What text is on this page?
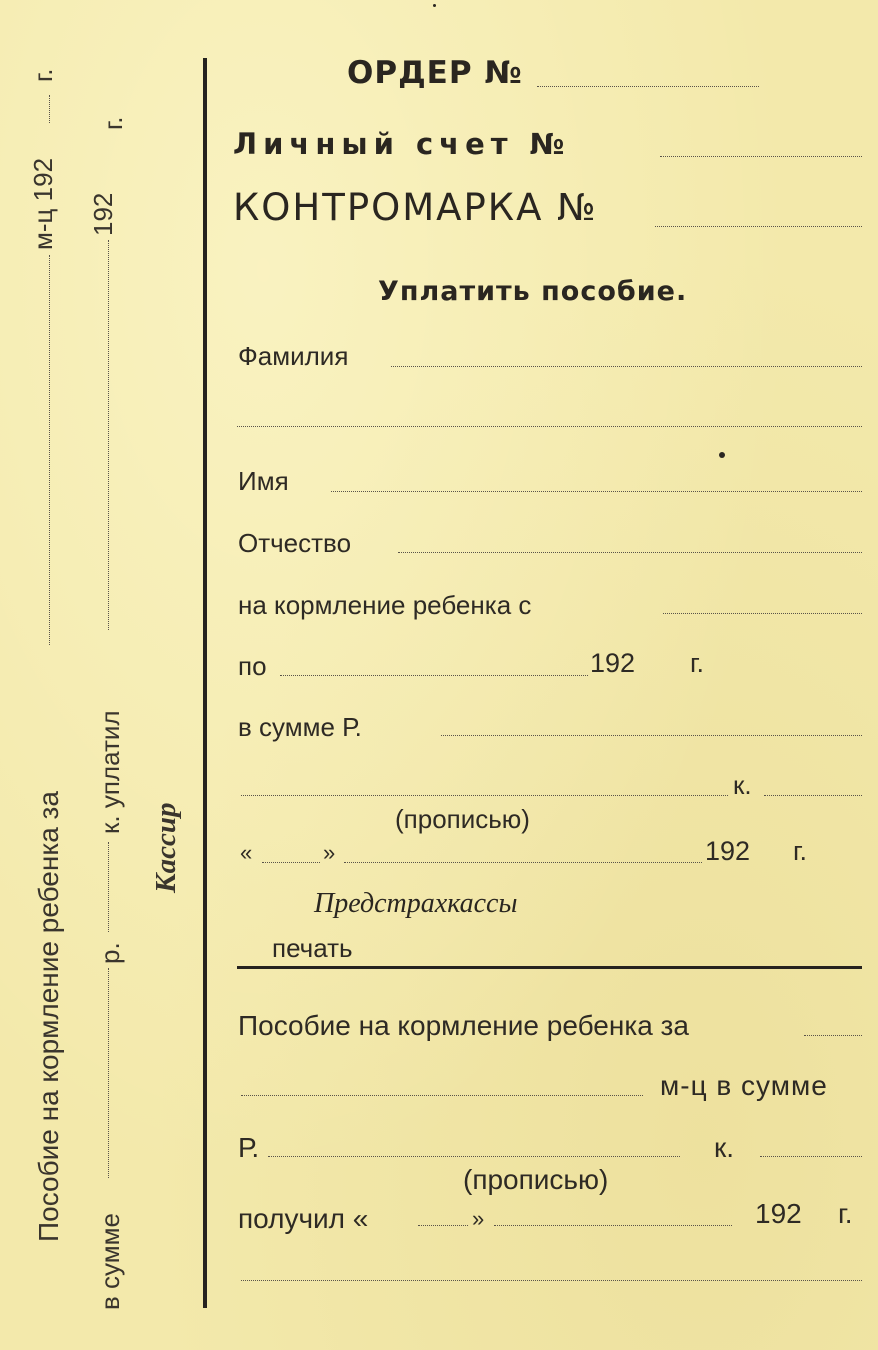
Пособие на кормление ребенка за
м-ц 192
г.
в сумме
р.
к. уплатил
192
г.
Кассир
ОРДЕР №
Личный счет №
КОНТРОМАРКА №
Уплатить пособие.
Фамилия
Имя
Отчество
на кормление ребенка с
по	192 г.
в сумме Р.
к.
(прописью)
«	»	192 г.
Предстрахкассы
печать
Пособие на кормление ребенка за
м-ц в сумме
Р.	к.
(прописью)
получил «	»	192 г.
